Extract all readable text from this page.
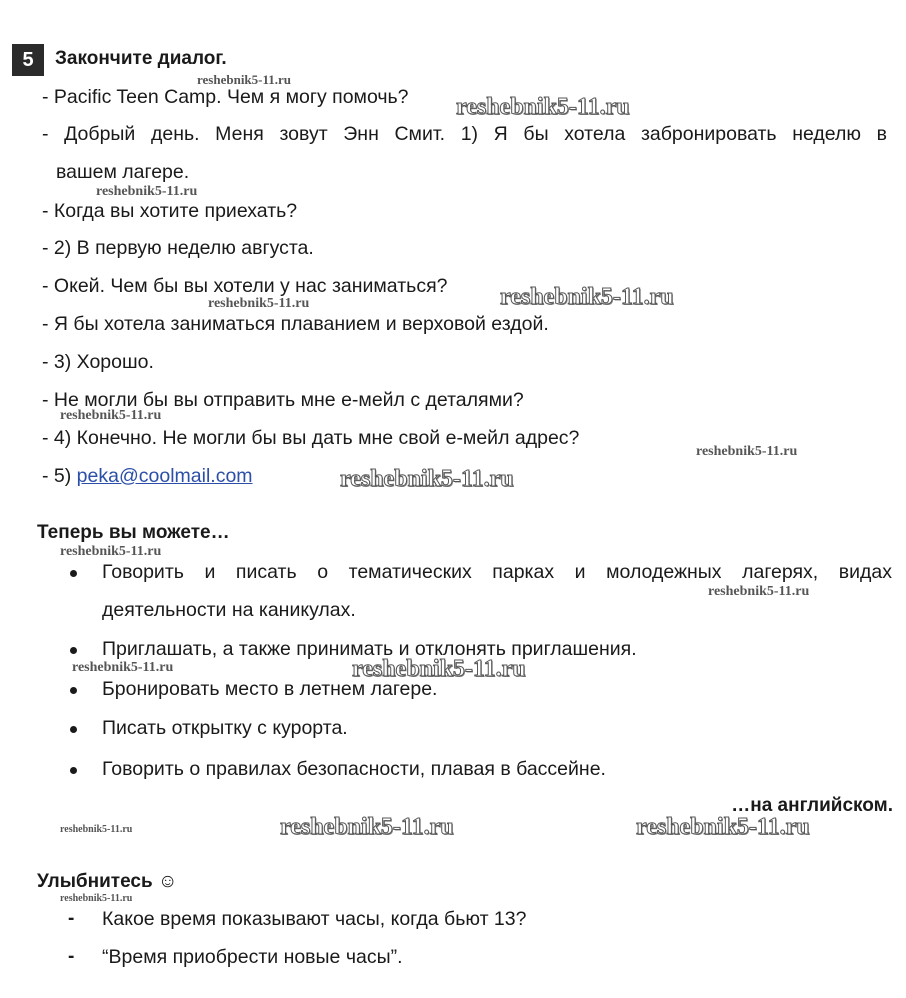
5 Закончите диалог.
- Pacific Teen Camp. Чем я могу помочь?
- Добрый день. Меня зовут Энн Смит. 1) Я бы хотела забронировать неделю в
вашем лагере.
- Когда вы хотите приехать?
- 2) В первую неделю августа.
- Окей. Чем бы вы хотели у нас заниматься?
- Я бы хотела заниматься плаванием и верховой ездой.
- 3) Хорошо.
- Не могли бы вы отправить мне е-мейл с деталями?
- 4) Конечно. Не могли бы вы дать мне свой е-мейл адрес?
- 5) peka@coolmail.com
Теперь вы можете…
Говорить и писать о тематических парках и молодежных лагерях, видах
деятельности на каникулах.
Приглашать, а также принимать и отклонять приглашения.
Бронировать место в летнем лагере.
Писать открытку с курорта.
Говорить о правилах безопасности, плавая в бассейне.
…на английском.
Улыбнитесь ☺
- Какое время показывают часы, когда бьют 13?
- “Время приобрести новые часы”.
reshebnik5-11.ru
reshebnik5-11.ru
reshebnik5-11.ru
reshebnik5-11.ru
reshebnik5-11.ru
reshebnik5-11.ru
reshebnik5-11.ru
reshebnik5-11.ru
reshebnik5-11.ru
reshebnik5-11.ru
reshebnik5-11.ru	reshebnik5-11.ru
reshebnik5-11.ru	reshebnik5-11.ru	reshebnik5-11.ru
reshebnik5-11.ru
